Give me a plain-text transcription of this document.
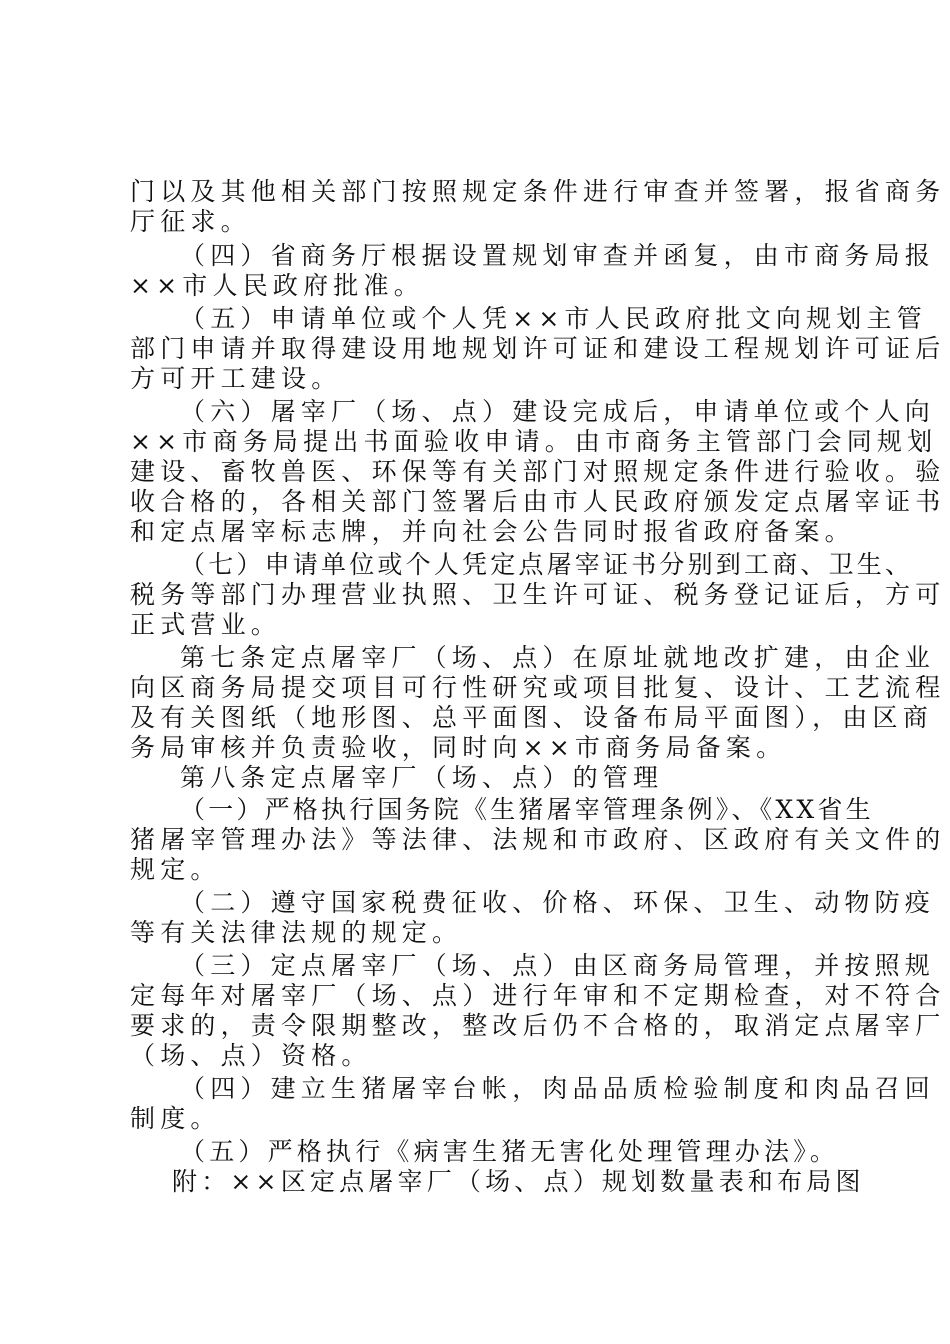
门以及其他相关部门按照规定条件进行审查并签署，报省商务
厅征求。
（四）省商务厅根据设置规划审查并函复，由市商务局报
××市人民政府批准。
（五）申请单位或个人凭××市人民政府批文向规划主管
部门申请并取得建设用地规划许可证和建设工程规划许可证后
方可开工建设。
（六）屠宰厂（场、点）建设完成后，申请单位或个人向
××市商务局提出书面验收申请。由市商务主管部门会同规划
建设、畜牧兽医、环保等有关部门对照规定条件进行验收。验
收合格的，各相关部门签署后由市人民政府颁发定点屠宰证书
和定点屠宰标志牌，并向社会公告同时报省政府备案。
（七）申请单位或个人凭定点屠宰证书分别到工商、卫生、
税务等部门办理营业执照、卫生许可证、税务登记证后，方可
正式营业。
第七条定点屠宰厂（场、点）在原址就地改扩建，由企业
向区商务局提交项目可行性研究或项目批复、设计、工艺流程
及有关图纸（地形图、总平面图、设备布局平面图），由区商
务局审核并负责验收，同时向××市商务局备案。
第八条定点屠宰厂（场、点）的管理
（一）严格执行国务院《生猪屠宰管理条例》、《XX省生
猪屠宰管理办法》等法律、法规和市政府、区政府有关文件的
规定。
（二）遵守国家税费征收、价格、环保、卫生、动物防疫
等有关法律法规的规定。
（三）定点屠宰厂（场、点）由区商务局管理，并按照规
定每年对屠宰厂（场、点）进行年审和不定期检查，对不符合
要求的，责令限期整改，整改后仍不合格的，取消定点屠宰厂
（场、点）资格。
（四）建立生猪屠宰台帐，肉品品质检验制度和肉品召回
制度。
（五）严格执行《病害生猪无害化处理管理办法》。
附：××区定点屠宰厂（场、点）规划数量表和布局图
